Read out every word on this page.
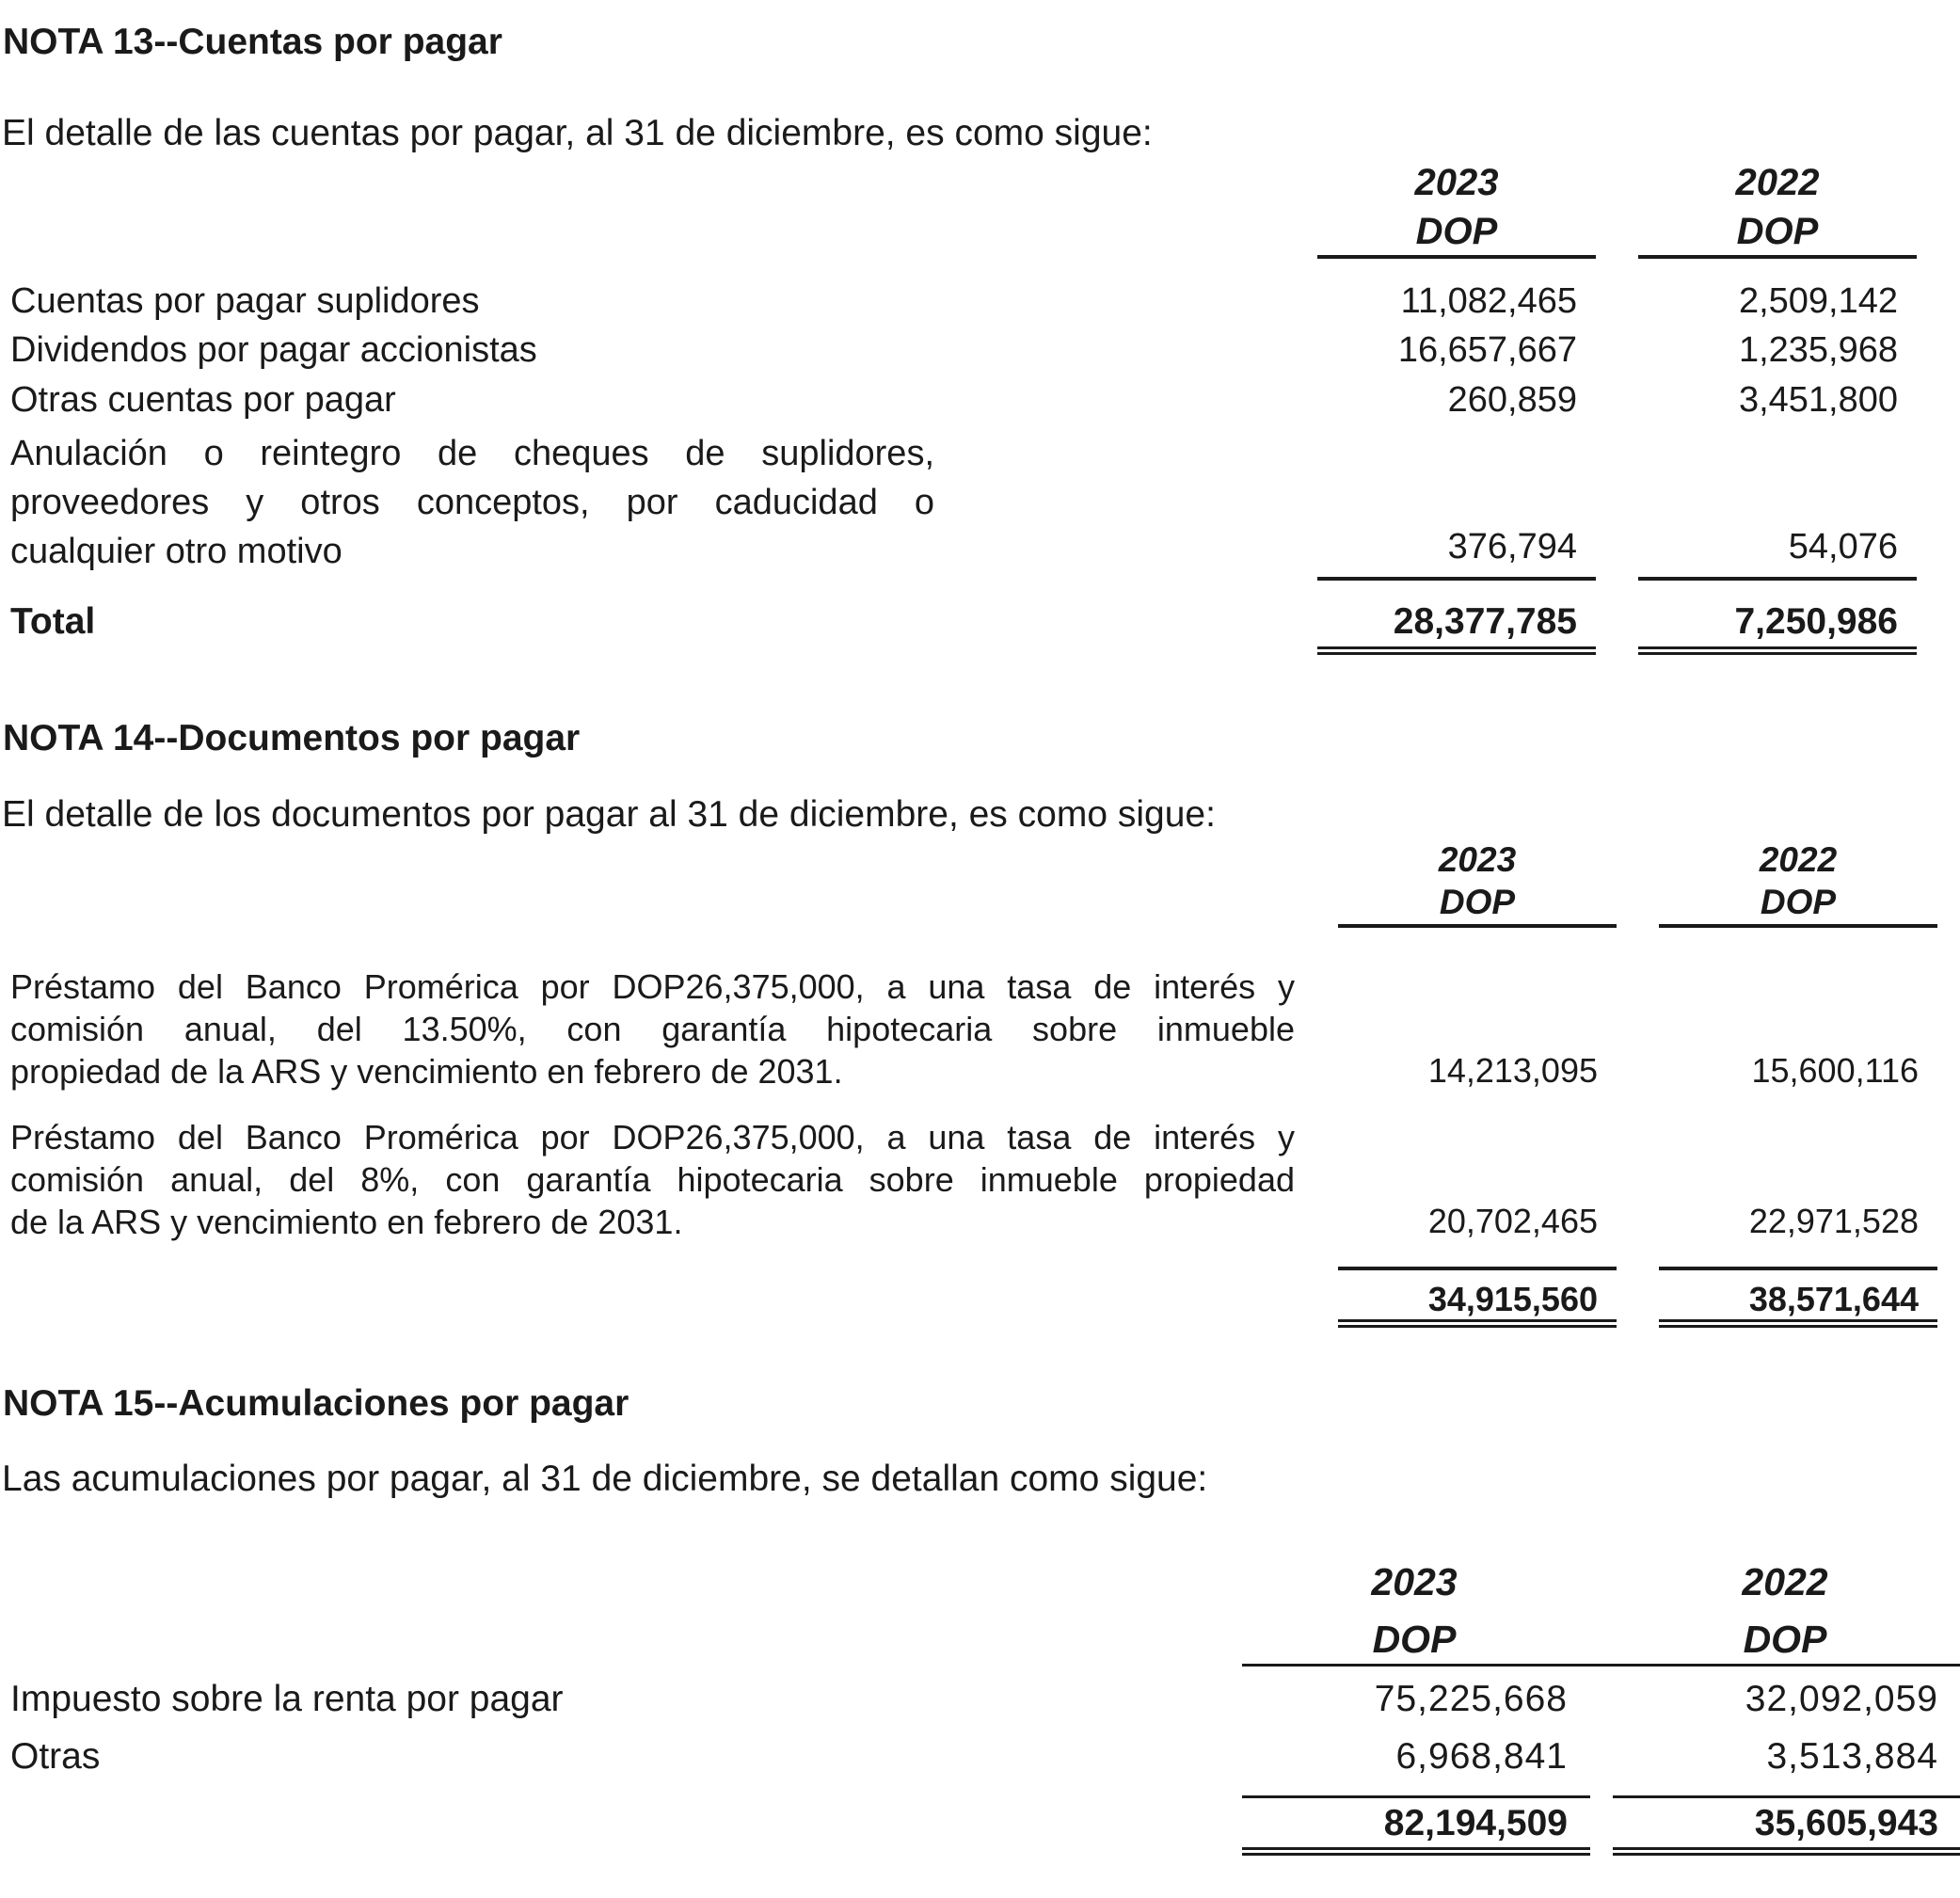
NOTA 13--Cuentas por pagar
El detalle de las cuentas por pagar, al 31 de diciembre, es como sigue:
2023
DOP
2022
DOP
Cuentas por pagar suplidores	11,082,465	2,509,142
Dividendos por pagar accionistas	16,657,667	1,235,968
Otras cuentas por pagar	260,859	3,451,800
Anulación o reintegro de cheques de suplidores,
proveedores y otros conceptos, por caducidad o
cualquier otro motivo	376,794	54,076
Total	28,377,785	7,250,986
NOTA 14--Documentos por pagar
El detalle de los documentos por pagar al 31 de diciembre, es como sigue:
2023
DOP
2022
DOP
Préstamo del Banco Promérica por DOP26,375,000, a una tasa de interés y
comisión anual, del 13.50%, con garantía hipotecaria sobre inmueble
propiedad de la ARS y vencimiento en febrero de 2031.	14,213,095	15,600,116
Préstamo del Banco Promérica por DOP26,375,000, a una tasa de interés y
comisión anual, del 8%, con garantía hipotecaria sobre inmueble propiedad
de la ARS y vencimiento en febrero de 2031.	20,702,465	22,971,528
34,915,560	38,571,644
NOTA 15--Acumulaciones por pagar
Las acumulaciones por pagar, al 31 de diciembre, se detallan como sigue:
2023
DOP
2022
DOP
Impuesto sobre la renta por pagar	75,225,668	32,092,059
Otras	6,968,841	3,513,884
82,194,509	35,605,943
